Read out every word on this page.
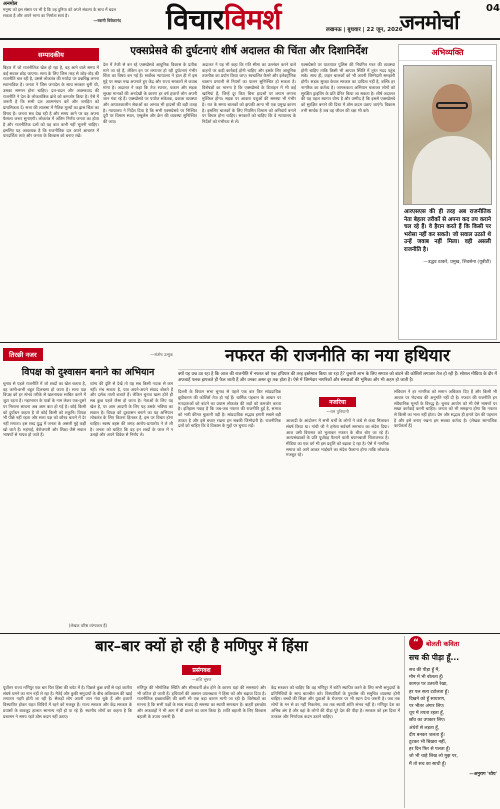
अनमोल
मनुष्य को इस संसार पर भी है कि वह दुनिया को अपने संकल्प के साथ में बदल सकता है और अपने भाग्य का निर्माता स्वयं है।
—स्वामी विवेकानंद विचारविमर्श	लखनऊ | बुधवार | 22 जून, 2026
जनमोर्चा
04
सम्पादकीय
बिहार में जो राजनीतिक खेल हो रहा है, वह आने वाले समय में कई सवाल छोड़ जाएगा। सत्ता के लिए जिस तरह से जोड़-तोड़ की राजनीति चल रही है, उससे लोकतंत्र की मर्यादा पर प्रश्नचिह्न लगना स्वाभाविक है। जनता ने जिस जनादेश के साथ सरकार चुनी थी, उसका सम्मान होना चाहिए। दल-बदल और अवसरवाद की राजनीति ने देश के लोकतांत्रिक ढांचे को कमजोर किया है। ऐसे में जरूरी है कि सभी दल आत्ममंथन करें और जनहित को प्राथमिकता दें। सत्ता की लालसा में नैतिक मूल्यों का ह्रास चिंता का विषय है। जनता सब देख रही है और समय आने पर वह अपना फैसला जरूर सुनाएगी। लोकतंत्र में अंतिम निर्णय जनता का होता है और राजनीतिक दलों को यह बात कभी नहीं भूलनी चाहिए। इसलिए यह आवश्यक है कि राजनीतिक दल अपने आचरण में पारदर्शिता लाएं और जनता के विश्वास को बनाए रखें।
एक्सप्रेसवे की दुर्घटनाएं शीर्ष अदालत की चिंता और दिशानिर्देश
देश में तेजी से बन रहे एक्सप्रेसवे आधुनिक विकास के प्रतीक माने जा रहे हैं, लेकिन इन पर लगातार हो रही दुर्घटनाएं गंभीर चिंता का विषय बन गई हैं। सर्वोच्च न्यायालय ने हाल ही में इस मुद्दे पर सख्त रुख अपनाते हुए केंद्र और राज्य सरकारों से जवाब मांगा है। अदालत ने कहा कि तेज रफ्तार, थकान और सड़क सुरक्षा मानकों की अनदेखी के कारण हर वर्ष हजारों लोग अपनी जान गंवा रहे हैं। एक्सप्रेसवे पर पर्याप्त संकेतक, प्रकाश व्यवस्था और आपातकालीन सेवाओं का अभाव भी हादसों की बड़ी वजह है। न्यायालय ने निर्देश दिया है कि सभी एक्सप्रेसवे पर निश्चित दूरी पर विश्राम स्थल, एम्बुलेंस और क्रेन की व्यवस्था सुनिश्चित की जाए।
अदालत ने यह भी कहा कि गति सीमा का उल्लंघन करने वाले वाहनों पर कड़ी कार्रवाई होनी चाहिए और इसके लिए आधुनिक तकनीक का प्रयोग किया जाए। स्वचालित कैमरे और इलेक्ट्रॉनिक चालान प्रणाली से नियमों का पालन सुनिश्चित हो सकता है। विशेषज्ञों का मानना है कि एक्सप्रेसवे के डिजाइन में भी कई खामियां हैं, जिन्हें दूर किए बिना हादसों पर लगाम लगाना मुश्किल होगा। सड़क पर आवारा पशुओं की समस्या भी गंभीर है। रात के समय चालकों को झपकी आना भी एक प्रमुख कारण है। इसलिए चालकों के लिए नियमित विश्राम को अनिवार्य बनाने पर विचार होना चाहिए। सरकारों को चाहिए कि वे न्यायालय के निर्देशों को गंभीरता से लें।
एक्सप्रेसवे पर यातायात पुलिस की नियमित गश्त की व्यवस्था होनी चाहिए ताकि किसी भी आपात स्थिति में तुरंत मदद पहुंच सके। साथ ही, वाहन चालकों को भी अपनी जिम्मेदारी समझनी होगी। सड़क सुरक्षा केवल सरकार का दायित्व नहीं है, बल्कि हर नागरिक का कर्तव्य है। जागरूकता अभियान चलाकर लोगों को सुरक्षित ड्राइविंग के प्रति प्रेरित किया जा सकता है। शीर्ष अदालत की यह पहल स्वागत योग्य है और उम्मीद है कि इससे एक्सप्रेसवे को सुरक्षित बनाने की दिशा में ठोस कदम उठाए जाएंगे। विकास तभी सार्थक है जब वह जीवन की रक्षा भी करे।
अभिव्यक्ति
आरएसएस की ही तरह अब राजनीतिक नेता बेहतर तरीकों से अपना कद तय कराने चल रहे हैं। वे हैरान करते हैं कि किसी पर भरोसा नहीं कर सकते। जो सवाल उठाते थे उन्हें जवाब नहीं मिला। वही असली राजनीति है।
—उद्धव ठाकरे, प्रमुख, शिवसेना (यूबीटी)
तिरछी नजर	—संतोष उत्सुक
विपक्ष को दुश्वासन बनाने का अभियान
चुनाव से पहले राजनीति में जो शब्दों का खेल चलता है, वह कभी-कभी बहुत दिलचस्प हो जाता है। सत्ता पक्ष विपक्ष को हर संभव तरीके से खलनायक साबित करने में जुटा रहता है। महाभारत के पात्रों के नाम लेकर एक-दूसरे पर निशाना साधना अब आम बात हो गई है। कोई किसी को दुर्योधन कहता है तो कोई किसी को शकुनि। विपक्ष भी पीछे नहीं रहता और सत्ता पक्ष को कौरव बताने में देर नहीं लगाता। इस शब्द युद्ध में जनता के असली मुद्दे कहीं खो जाते हैं। महंगाई, बेरोजगारी और शिक्षा जैसे सवाल भाषणों से गायब हो जाते हैं।
व्यंग्य की दृष्टि से देखें तो यह सब किसी नाटक से कम नहीं। मंच सजता है, पात्र अपने-अपने संवाद बोलते हैं और दर्शक ताली बजाते हैं। लेकिन चुनाव खत्म होते ही सब कुछ पहले जैसा हो जाता है। नेताओं के लिए यह खेल है, पर आम आदमी के लिए यह उसके भविष्य का सवाल है। विपक्ष को दुश्वासन बनाने का यह अभियान लोकतंत्र के लिए कितना हितकर है, इस पर विचार होना चाहिए। स्वस्थ बहस की जगह आरोप-प्रत्यारोप ने ले ली है। जनता को चाहिए कि वह इन शब्दों के जाल में न उलझे और अपने विवेक से निर्णय ले।
(लेखक वरिष्ठ व्यंग्यकार हैं)
नफरत की राजनीति का नया हथियार
क्यों यह प्रश्न उठ रहा है कि आज की राजनीति में नफरत को एक हथियार की तरह इस्तेमाल किया जा रहा है? चुनावी लाभ के लिए समाज को बांटने की कोशिशें लगातार तेज हो रही हैं। सोशल मीडिया के दौर में अफवाहें पलक झपकते ही फैल जाती हैं और उनका असर दूर तक होता है। ऐसे में जिम्मेदार नागरिकों और संस्थाओं की भूमिका और भी अहम हो जाती है।
दिल्ली के विधान सभा चुनाव से पहले एक बार फिर सांप्रदायिक ध्रुवीकरण की कोशिशें तेज हो गई हैं। धार्मिक पहचान के आधार पर मतदाताओं को बांटने का प्रयास लोकतंत्र की जड़ों को कमजोर करता है। इतिहास गवाह है कि जब-जब नफरत की राजनीति हुई है, समाज को भारी कीमत चुकानी पड़ी है। सांप्रदायिक सद्भाव हमारी सबसे बड़ी ताकत है और इसे बचाए रखना हम सबकी जिम्मेदारी है। राजनीतिक दलों को चाहिए कि वे विकास के मुद्दों पर चुनाव लड़ें।
नजरिया
—राम पुनियानी
आजादी के आंदोलन में सभी धर्मों के लोगों ने कंधे से कंधा मिलाकर संघर्ष किया था। गांधी जी ने हमेशा सर्वधर्म समभाव का संदेश दिया। आज उसी विरासत को भुलाकर नफरत के बीज बोए जा रहे हैं। अल्पसंख्यकों के प्रति पूर्वाग्रह फैलाने वाली बयानबाजी चिंताजनक है। मीडिया का एक वर्ग भी इस प्रवृत्ति को बढ़ावा दे रहा है। ऐसे में नागरिक समाज को आगे आकर भाईचारे का संदेश फैलाना होगा ताकि लोकतंत्र मजबूत रहे।
संविधान ने हर नागरिक को समान अधिकार दिए हैं और किसी भी आधार पर भेदभाव की अनुमति नहीं दी है। नफरत की राजनीति इन संवैधानिक मूल्यों के विरुद्ध है। चुनाव आयोग को भी ऐसे भाषणों पर सख्त कार्रवाई करनी चाहिए। जनता को भी समझना होगा कि नफरत से किसी का भला नहीं होता। प्रेम और सद्भाव ही हमारे देश की पहचान है और इसे बनाए रखना हम सबका कर्तव्य है। (लेखक सामाजिक कार्यकर्ता हैं)
बार–बार क्यों हो रही है मणिपुर में हिंसा
प्रसंगवश
—शशि भूषण
पूर्वोत्तर राज्य मणिपुर एक बार फिर हिंसा की चपेट में है। पिछले कुछ वर्षों से यहां जातीय संघर्ष थमने का नाम नहीं ले रहा है। मैतेई और कुकी समुदायों के बीच अविश्वास की खाई लगातार गहरी होती जा रही है। सैकड़ों लोग अपनी जान गंवा चुके हैं और हजारों विस्थापित होकर राहत शिविरों में रहने को मजबूर हैं। राज्य सरकार और केंद्र सरकार के प्रयासों के बावजूद हालात सामान्य नहीं हो पा रहे हैं। स्थानीय लोगों का कहना है कि प्रशासन ने समय रहते ठोस कदम नहीं उठाए।
मणिपुर की भौगोलिक स्थिति और सीमावर्ती क्षेत्र होने के कारण यहां की समस्याएं और भी जटिल हो जाती हैं। हथियारों की आसान उपलब्धता ने हिंसा को और बढ़ावा दिया है। राजनीतिक इच्छाशक्ति की कमी भी एक बड़ा कारण मानी जा रही है। विशेषज्ञों का मानना है कि सभी पक्षों के साथ संवाद ही समस्या का स्थायी समाधान है। बाहरी हस्तक्षेप और अफवाहों ने भी आग में घी डालने का काम किया है। शांति बहाली के लिए विश्वास बहाली के उपाय जरूरी हैं।
केंद्र सरकार को चाहिए कि वह मणिपुर में शांति स्थापित करने के लिए सभी समुदायों के प्रतिनिधियों के साथ बातचीत करे। विस्थापितों के पुनर्वास की समुचित व्यवस्था होनी चाहिए। बच्चों की शिक्षा और युवाओं के रोजगार पर भी ध्यान देना जरूरी है। जब तक लोगों के मन से डर नहीं निकलेगा, तब तक स्थायी शांति संभव नहीं है। मणिपुर देश का अभिन्न अंग है और वहां के लोगों की पीड़ा पूरे देश की पीड़ा है। सरकार को इस दिशा में तत्काल और निर्णायक कदम उठाने चाहिए।
“	बोलती कविता
सच की पीड़ा हूँ...
सच की पीड़ा हूँ मैं,
मौन में भी बोलता हूँ।
कागज़ पर उतरती रेखा,
हर पल सत्य टटोलता हूँ।
दिखने को हूँ साधारण,
पर भीतर अंगार लिए।
धूप में तपता रहता हूँ,
छाँव का उपकार लिए।
अंधेरों से लड़ता हूँ,
दीप बनकर जलता हूँ।
टूटकर भी बिखरा नहीं,
हर दिन फिर से पलता हूँ।
जो भी चाहे लिख लो मुझ पर,
मैं तो सच का साथी हूँ।
—अनुराग 'ध्येय'
